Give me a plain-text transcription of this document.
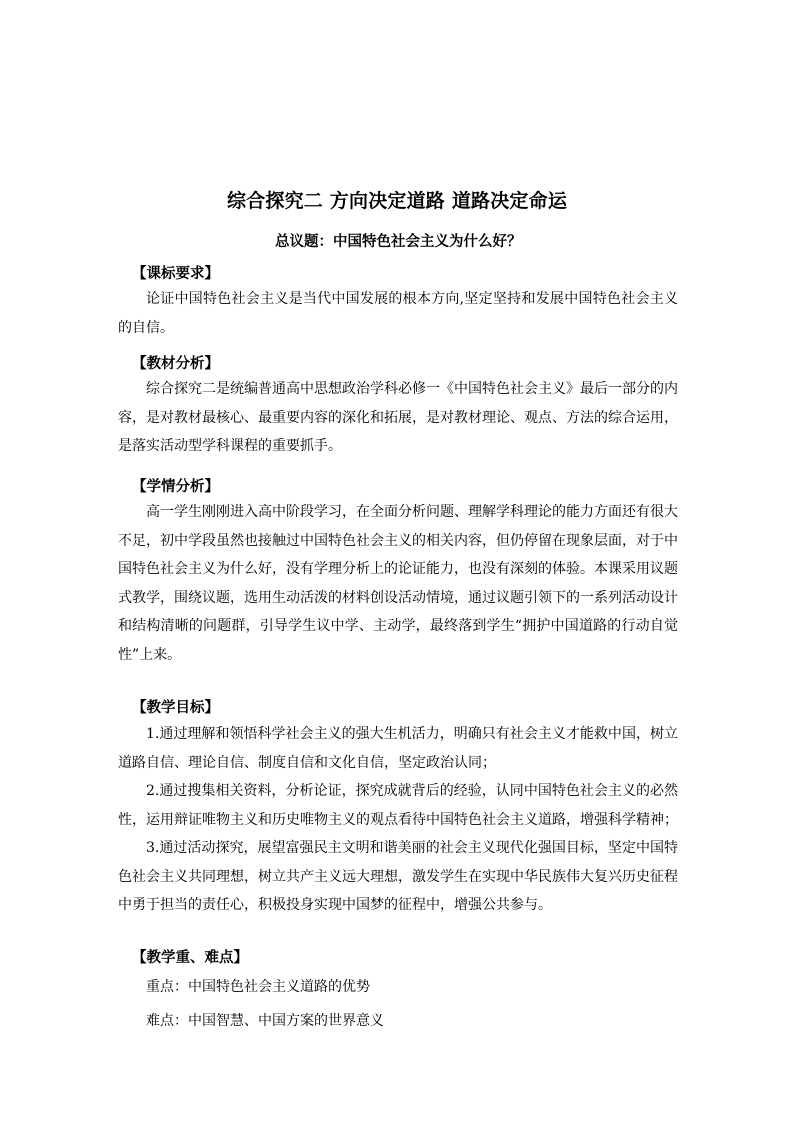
综合探究二 方向决定道路 道路决定命运
总议题：中国特色社会主义为什么好？
【课标要求】

论证中国特色社会主义是当代中国发展的根本方向,坚定坚持和发展中国特色社会主义的自信。

【教材分析】

综合探究二是统编普通高中思想政治学科必修一《中国特色社会主义》最后一部分的内容，是对教材最核心、最重要内容的深化和拓展，是对教材理论、观点、方法的综合运用，是落实活动型学科课程的重要抓手。

【学情分析】

高一学生刚刚进入高中阶段学习，在全面分析问题、理解学科理论的能力方面还有很大不足，初中学段虽然也接触过中国特色社会主义的相关内容，但仍停留在现象层面，对于中国特色社会主义为什么好，没有学理分析上的论证能力，也没有深刻的体验。本课采用议题式教学，围绕议题，选用生动活泼的材料创设活动情境，通过议题引领下的一系列活动设计和结构清晰的问题群，引导学生议中学、主动学，最终落到学生“拥护中国道路的行动自觉性”上来。

【教学目标】

1.通过理解和领悟科学社会主义的强大生机活力，明确只有社会主义才能救中国，树立道路自信、理论自信、制度自信和文化自信，坚定政治认同；

2.通过搜集相关资料，分析论证，探究成就背后的经验，认同中国特色社会主义的必然性，运用辩证唯物主义和历史唯物主义的观点看待中国特色社会主义道路，增强科学精神；

3.通过活动探究，展望富强民主文明和谐美丽的社会主义现代化强国目标，坚定中国特色社会主义共同理想，树立共产主义远大理想，激发学生在实现中华民族伟大复兴历史征程中勇于担当的责任心，积极投身实现中国梦的征程中，增强公共参与。

【教学重、难点】
重点：中国特色社会主义道路的优势
难点：中国智慧、中国方案的世界意义
